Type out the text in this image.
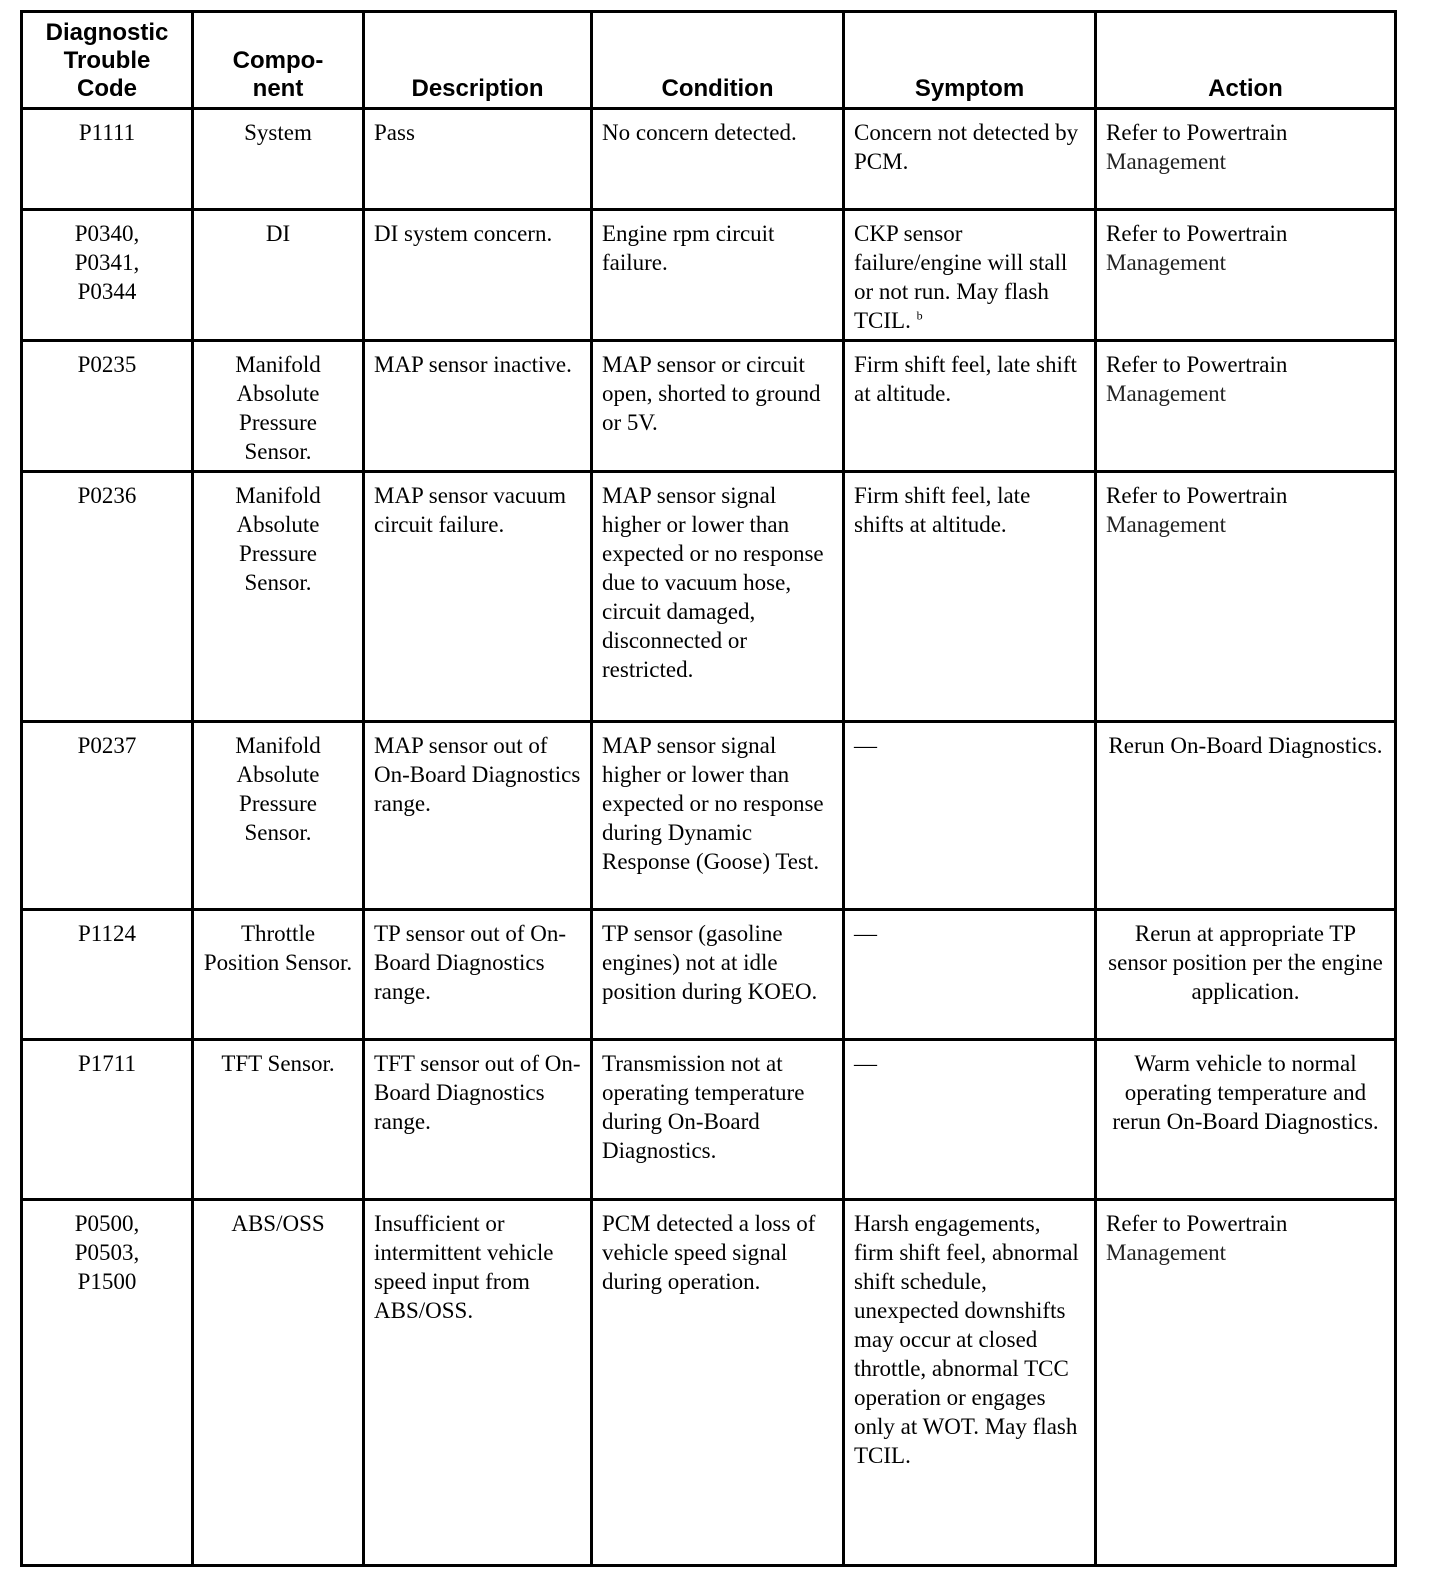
Diagnostic
Trouble
Code	Compo-
nent	Description	Condition	Symptom	Action

P1111	System	Pass	No concern detected.	Concern not detected by PCM.	Refer to Powertrain
Management

P0340,
P0341,
P0344	DI	DI system concern.	Engine rpm circuit failure.	CKP sensor failure/engine will stall or not run. May flash TCIL. $^b$	Refer to Powertrain
Management

P0235	Manifold Absolute Pressure Sensor.	MAP sensor inactive.	MAP sensor or circuit open, shorted to ground or 5V.	Firm shift feel, late shift at altitude.	Refer to Powertrain
Management

P0236	Manifold Absolute Pressure Sensor.	MAP sensor vacuum circuit failure.	MAP sensor signal higher or lower than expected or no response due to vacuum hose, circuit damaged, disconnected or restricted.	Firm shift feel, late shifts at altitude.	Refer to Powertrain
Management

P0237	Manifold Absolute Pressure Sensor.	MAP sensor out of On-Board Diagnostics range.	MAP sensor signal higher or lower than expected or no response during Dynamic Response (Goose) Test.	—	Rerun On-Board Diagnostics.

P1124	Throttle Position Sensor.	TP sensor out of On-Board Diagnostics range.	TP sensor (gasoline engines) not at idle position during KOEO.	—	Rerun at appropriate TP sensor position per the engine application.

P1711	TFT Sensor.	TFT sensor out of On-Board Diagnostics range.	Transmission not at operating temperature during On-Board Diagnostics.	—	Warm vehicle to normal operating temperature and rerun On-Board Diagnostics.

P0500,
P0503,
P1500	ABS/OSS	Insufficient or intermittent vehicle speed input from ABS/OSS.	PCM detected a loss of vehicle speed signal during operation.	Harsh engagements, firm shift feel, abnormal shift schedule, unexpected downshifts may occur at closed throttle, abnormal TCC operation or engages only at WOT. May flash TCIL.	Refer to Powertrain
Management
